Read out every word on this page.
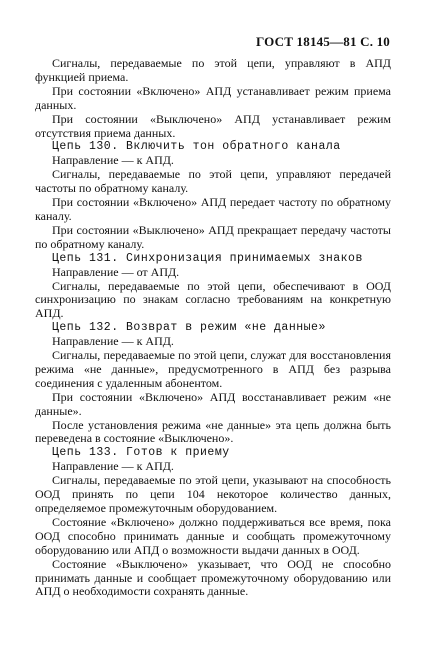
ГОСТ 18145—81 С. 10

Сигналы, передаваемые по этой цепи, управляют в АПД функцией приема.

При состоянии «Включено» АПД устанавливает режим приема данных.

При состоянии «Выключено» АПД устанавливает режим отсутствия приема данных.

Цепь 130. Включить тон обратного канала

Направление — к АПД.

Сигналы, передаваемые по этой цепи, управляют передачей частоты по обратному каналу.

При состоянии «Включено» АПД передает частоту по обратному каналу.

При состоянии «Выключено» АПД прекращает передачу частоты по обратному каналу.

Цепь 131. Синхронизация принимаемых знаков

Направление — от АПД.

Сигналы, передаваемые по этой цепи, обеспечивают в ООД синхронизацию по знакам согласно требованиям на конкретную АПД.

Цепь 132. Возврат в режим «не данные»

Направление — к АПД.

Сигналы, передаваемые по этой цепи, служат для восстановления режима «не данные», предусмотренного в АПД без разрыва соединения с удаленным абонентом.

При состоянии «Включено» АПД восстанавливает режим «не данные».

После установления режима «не данные» эта цепь должна быть переведена в состояние «Выключено».

Цепь 133. Готов к приему

Направление — к АПД.

Сигналы, передаваемые по этой цепи, указывают на способность ООД принять по цепи 104 некоторое количество данных, определяемое промежуточным оборудованием.

Состояние «Включено» должно поддерживаться все время, пока ООД способно принимать данные и сообщать промежуточному оборудованию или АПД о возможности выдачи данных в ООД.

Состояние «Выключено» указывает, что ООД не способно принимать данные и сообщает промежуточному оборудованию или АПД о необходимости сохранять данные.
